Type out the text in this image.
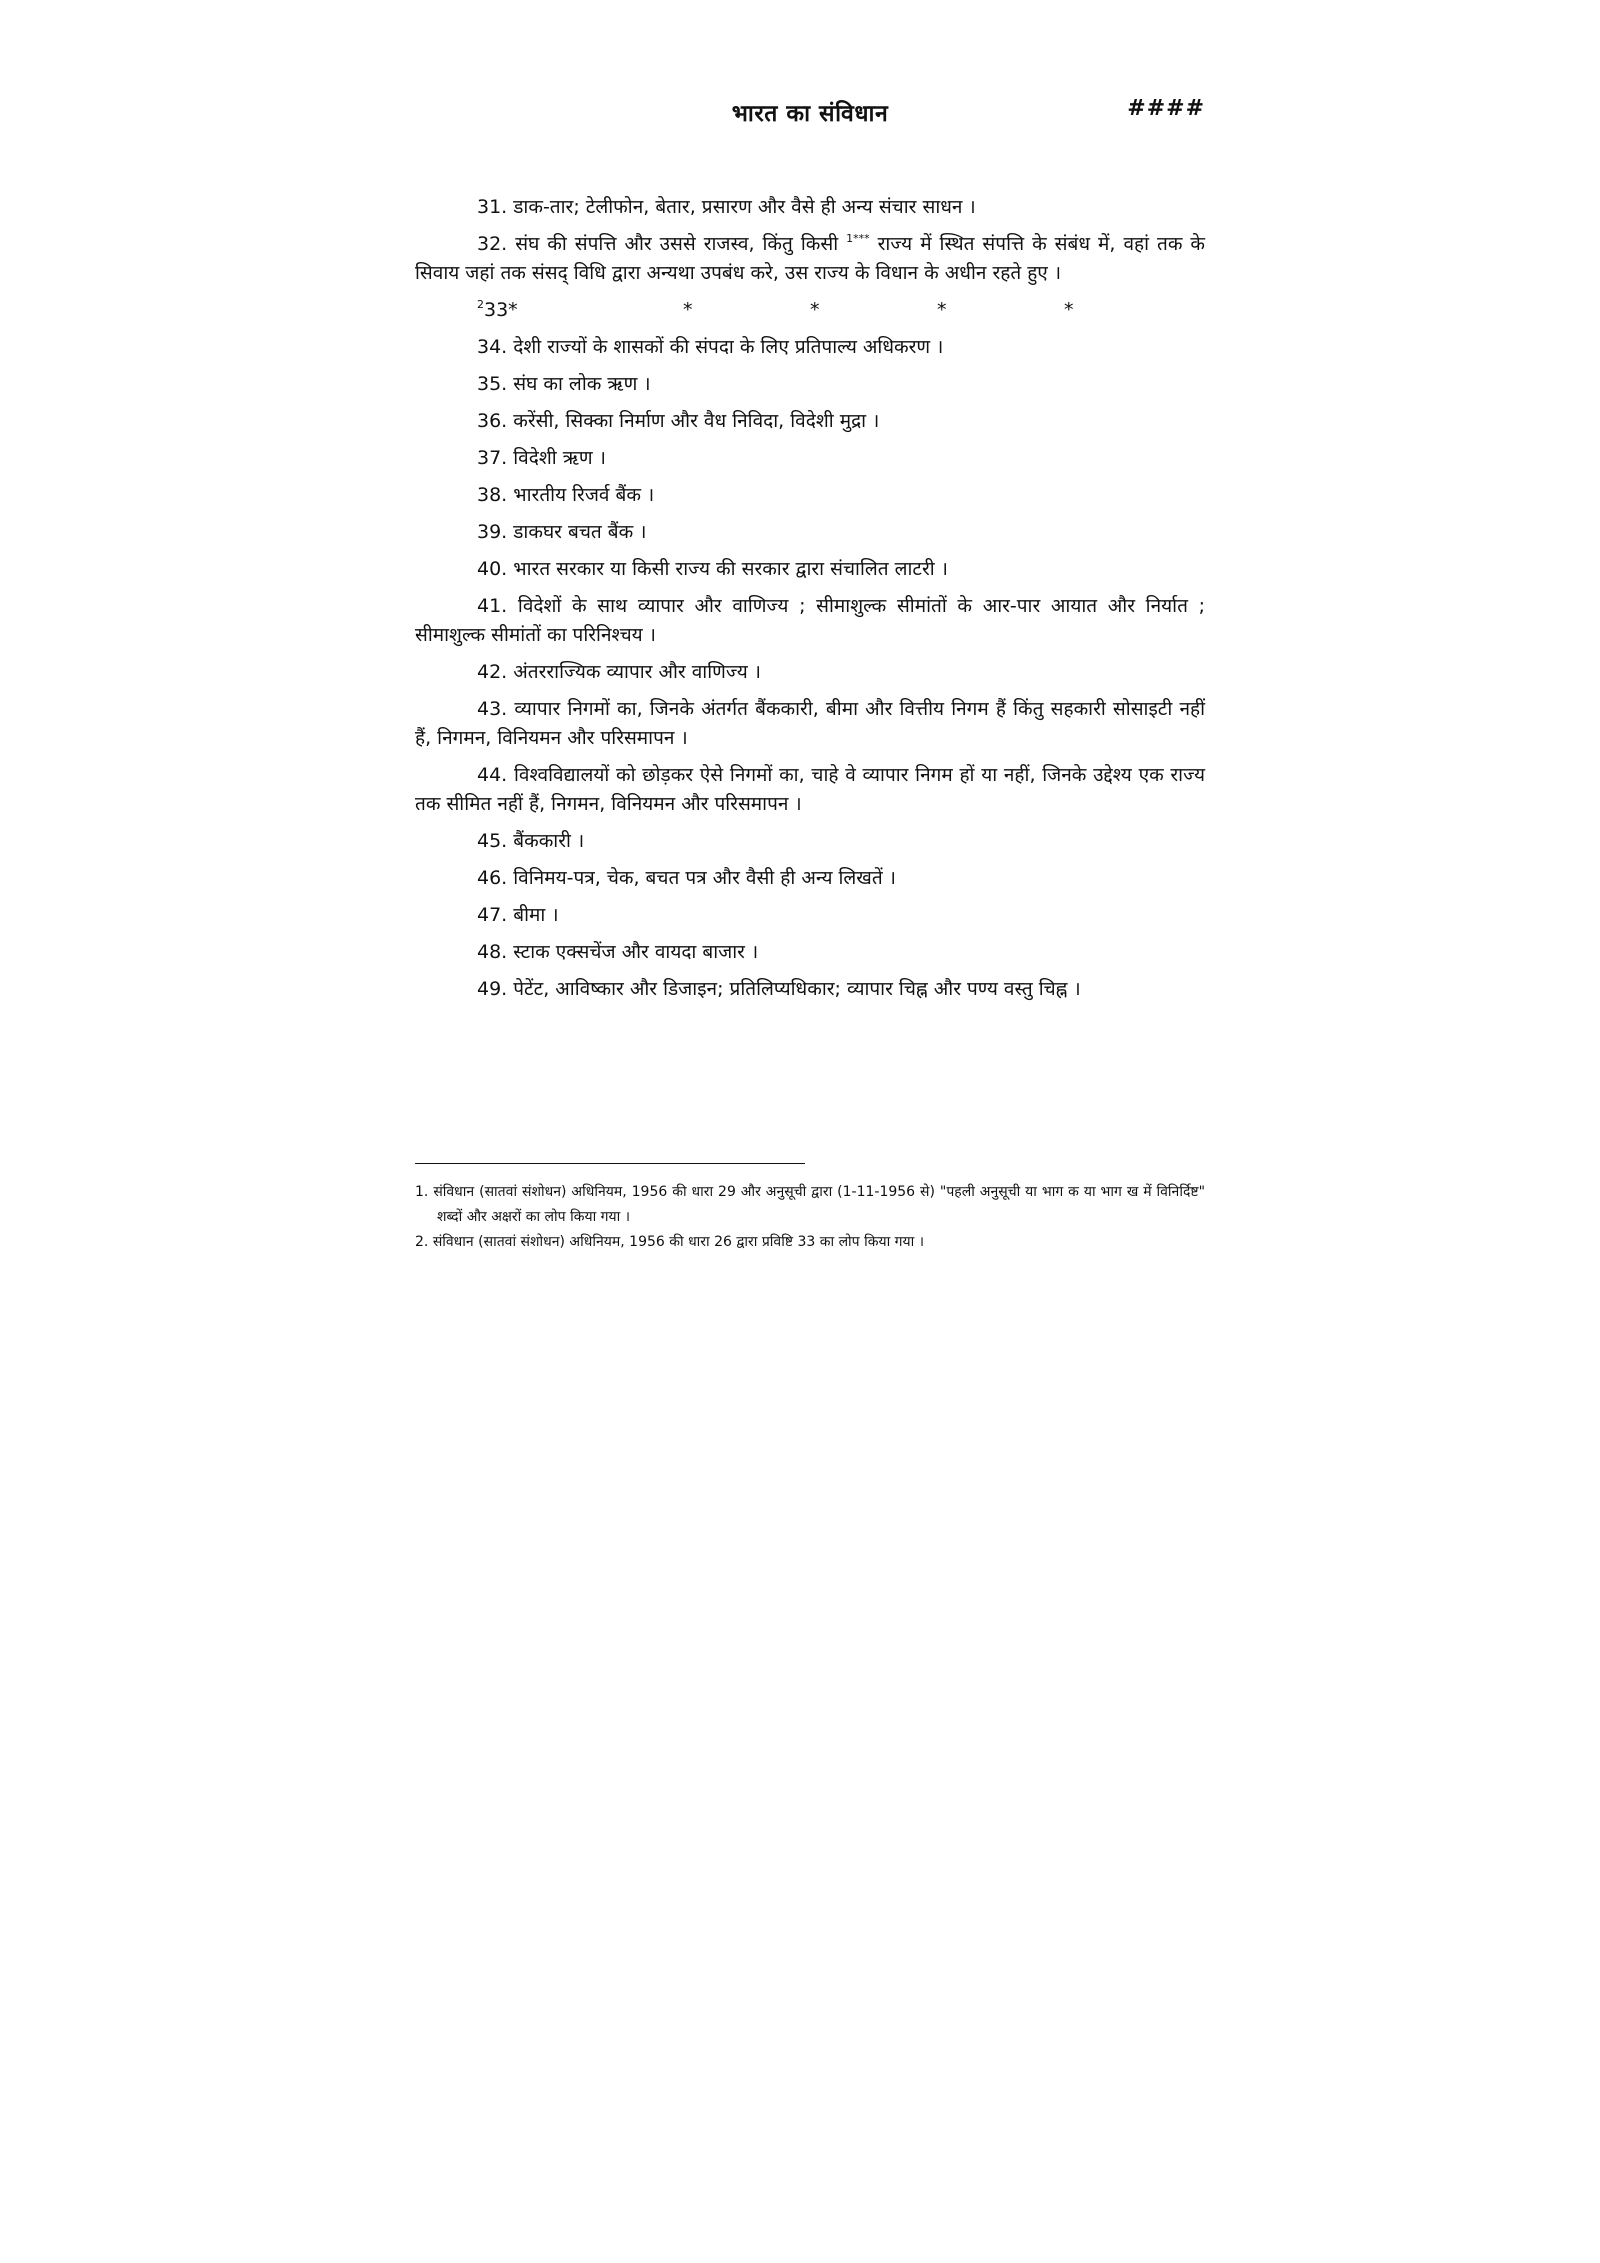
भारत का संविधान	####

31. डाक-तार; टेलीफोन, बेतार, प्रसारण और वैसे ही अन्य संचार साधन ।

32. संघ की संपत्ति और उससे राजस्व, किंतु किसी $^{1***}$ राज्य में स्थित संपत्ति के संबंध में, वहां तक के सिवाय जहां तक संसद् विधि द्वारा अन्यथा उपबंध करे, उस राज्य के विधान के अधीन रहते हुए ।

$^2$33*	*	*	*	*

34. देशी राज्यों के शासकों की संपदा के लिए प्रतिपाल्य अधिकरण ।

35. संघ का लोक ऋण ।

36. करेंसी, सिक्का निर्माण और वैध निविदा, विदेशी मुद्रा ।

37. विदेशी ऋण ।

38. भारतीय रिजर्व बैंक ।

39. डाकघर बचत बैंक ।

40. भारत सरकार या किसी राज्य की सरकार द्वारा संचालित लाटरी ।

41. विदेशों के साथ व्यापार और वाणिज्य ; सीमाशुल्क सीमांतों के आर-पार आयात और निर्यात ; सीमाशुल्क सीमांतों का परिनिश्चय ।

42. अंतरराज्यिक व्यापार और वाणिज्य ।

43. व्यापार निगमों का, जिनके अंतर्गत बैंककारी, बीमा और वित्तीय निगम हैं किंतु सहकारी सोसाइटी नहीं हैं, निगमन, विनियमन और परिसमापन ।

44. विश्वविद्यालयों को छोड़कर ऐसे निगमों का, चाहे वे व्यापार निगम हों या नहीं, जिनके उद्देश्य एक राज्य तक सीमित नहीं हैं, निगमन, विनियमन और परिसमापन ।

45. बैंककारी ।

46. विनिमय-पत्र, चेक, बचत पत्र और वैसी ही अन्य लिखतें ।

47. बीमा ।

48. स्टाक एक्सचेंज और वायदा बाजार ।

49. पेटेंट, आविष्कार और डिजाइन; प्रतिलिप्यधिकार; व्यापार चिह्न और पण्य वस्तु चिह्न ।

1. संविधान (सातवां संशोधन) अधिनियम, 1956 की धारा 29 और अनुसूची द्वारा (1-11-1956 से) "पहली अनुसूची या भाग क या भाग ख में विनिर्दिष्ट" शब्दों और अक्षरों का लोप किया गया ।

2. संविधान (सातवां संशोधन) अधिनियम, 1956 की धारा 26 द्वारा प्रविष्टि 33 का लोप किया गया ।
